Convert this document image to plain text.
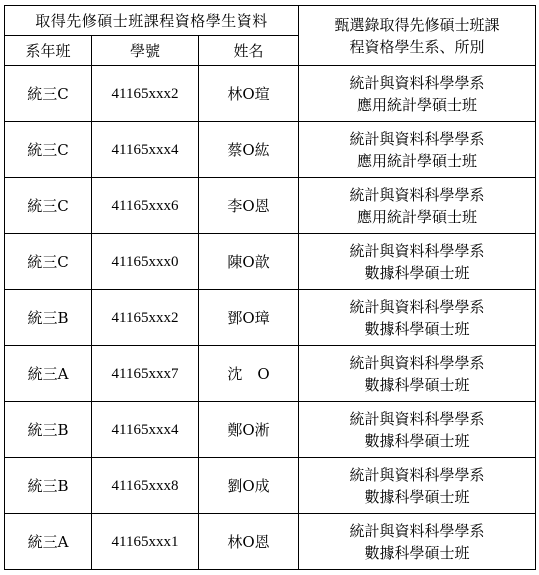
取得先修碩士班課程資格學生資料			甄選錄取得先修碩士班課
程資格學生系、所別

系年班	學號	姓名	
統三C	41165xxx2	林O瑄	統計與資料科學學系
應用統計學碩士班

統三C	41165xxx4	蔡O紘	統計與資料科學學系
應用統計學碩士班

統三C	41165xxx6	李O恩	統計與資料科學學系
應用統計學碩士班

統三C	41165xxx0	陳O歆	統計與資料科學學系
數據科學碩士班

統三B	41165xxx2	鄧O璋	統計與資料科學學系
數據科學碩士班

統三A	41165xxx7	沈　O	統計與資料科學學系
數據科學碩士班

統三B	41165xxx4	鄭O淅	統計與資料科學學系
數據科學碩士班

統三B	41165xxx8	劉O成	統計與資料科學學系
數據科學碩士班

統三A	41165xxx1	林O恩	統計與資料科學學系
數據科學碩士班
